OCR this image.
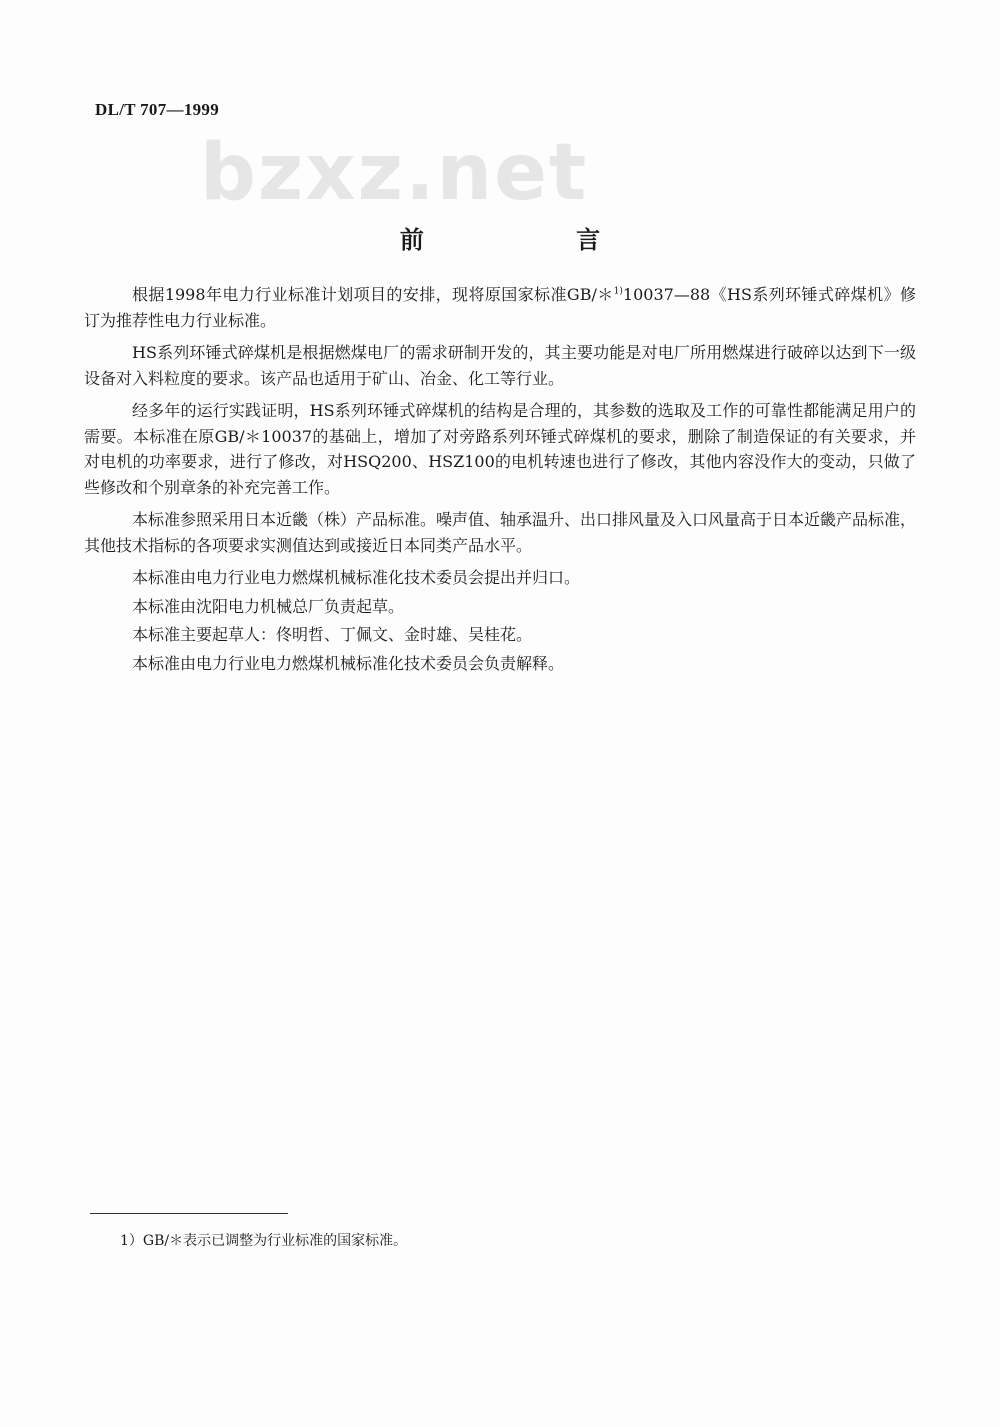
DL/T 707—1999
bzxz.net
前 言

根据1998年电力行业标准计划项目的安排，现将原国家标准GB/＊$^{1)}$10037—88《HS系列环锤式碎煤机》修订为推荐性电力行业标准。

HS系列环锤式碎煤机是根据燃煤电厂的需求研制开发的，其主要功能是对电厂所用燃煤进行破碎以达到下一级设备对入料粒度的要求。该产品也适用于矿山、冶金、化工等行业。

经多年的运行实践证明，HS系列环锤式碎煤机的结构是合理的，其参数的选取及工作的可靠性都能满足用户的需要。本标准在原GB/＊10037的基础上，增加了对旁路系列环锤式碎煤机的要求，删除了制造保证的有关要求，并对电机的功率要求，进行了修改，对HSQ200、HSZ100的电机转速也进行了修改，其他内容没作大的变动，只做了些修改和个别章条的补充完善工作。

本标准参照采用日本近畿（株）产品标准。噪声值、轴承温升、出口排风量及入口风量高于日本近畿产品标准，其他技术指标的各项要求实测值达到或接近日本同类产品水平。

本标准由电力行业电力燃煤机械标准化技术委员会提出并归口。

本标准由沈阳电力机械总厂负责起草。

本标准主要起草人：佟明哲、丁佩文、金时雄、吴桂花。

本标准由电力行业电力燃煤机械标准化技术委员会负责解释。

1）GB/＊表示已调整为行业标准的国家标准。
